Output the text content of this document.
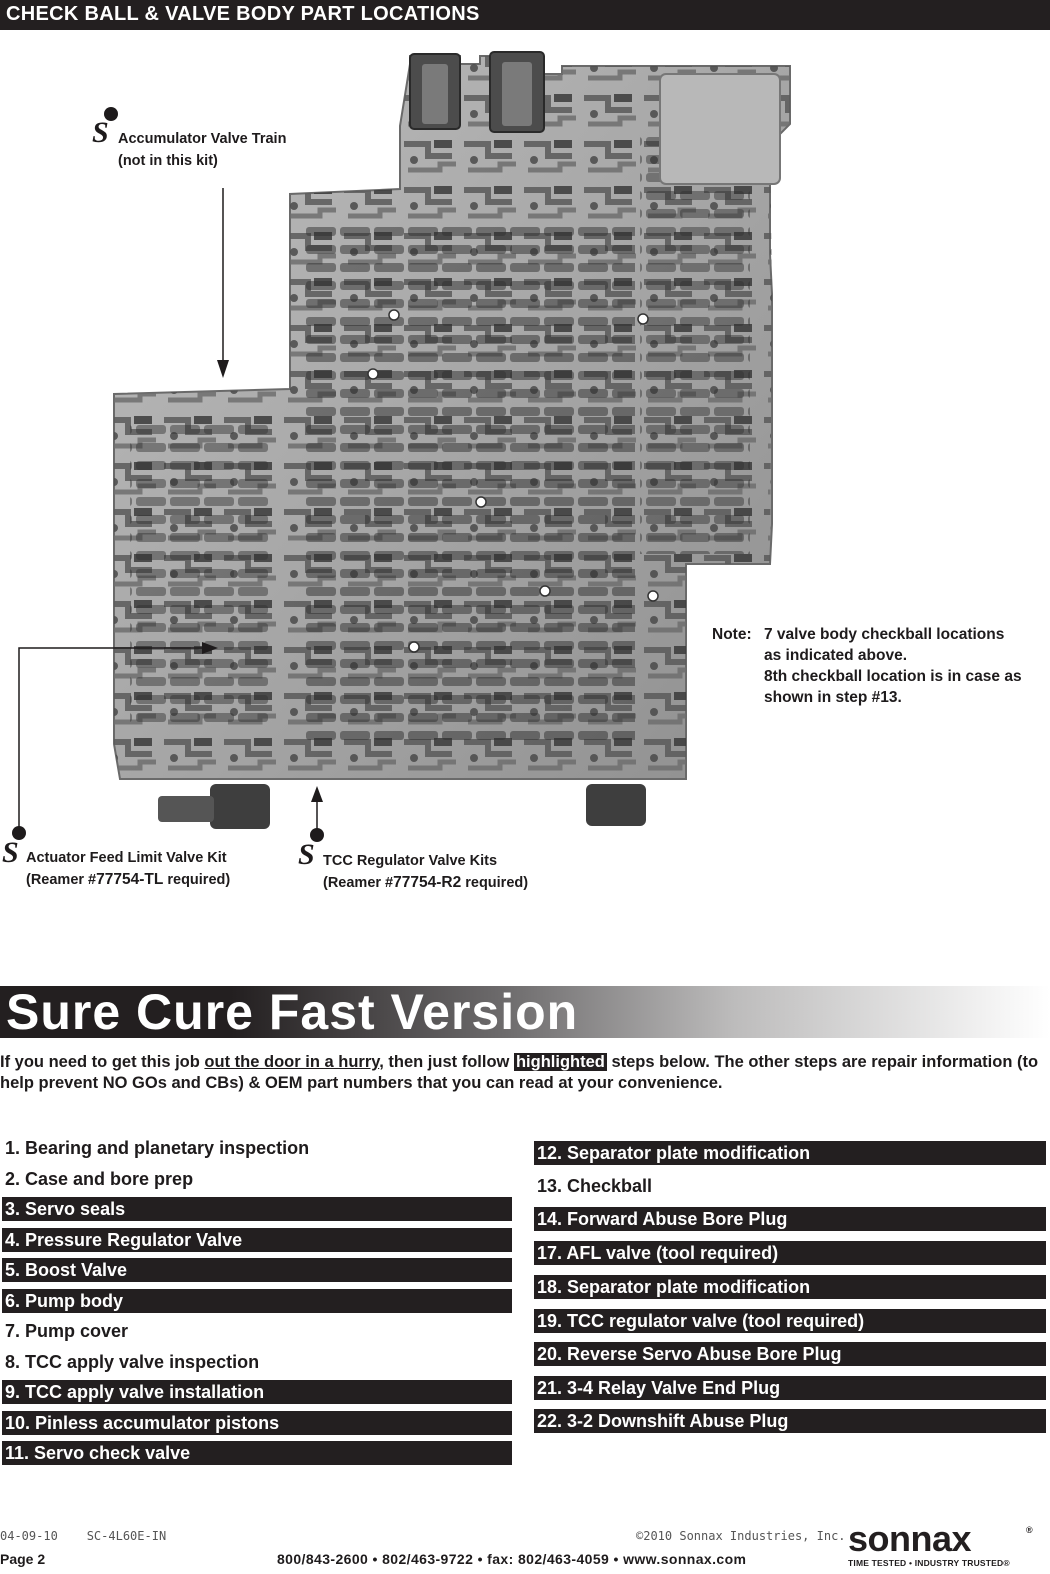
CHECK BALL & VALVE BODY PART LOCATIONS
S Accumulator Valve Train
(not in this kit)
S Actuator Feed Limit Valve Kit
(Reamer #77754-TL required)
S TCC Regulator Valve Kits
(Reamer #77754-R2 required)
Note: 7 valve body checkball locations
as indicated above.
8th checkball location is in case as
shown in step #13.
Sure Cure Fast Version
If you need to get this job out the door in a hurry, then just follow highlighted steps below. The other steps are repair information (to help prevent NO GOs and CBs) & OEM part numbers that you can read at your convenience.
1. Bearing and planetary inspection
2. Case and bore prep
3. Servo seals
4. Pressure Regulator Valve
5. Boost Valve
6. Pump body
7. Pump cover
8. TCC apply valve inspection
9. TCC apply valve installation
10. Pinless accumulator pistons
11. Servo check valve
12. Separator plate modification
13. Checkball
14. Forward Abuse Bore Plug
17. AFL valve (tool required)
18. Separator plate modification
19. TCC regulator valve (tool required)
20. Reverse Servo Abuse Bore Plug
21. 3-4 Relay Valve End Plug
22. 3-2 Downshift Abuse Plug
04-09-10 SC-4L60E-IN	©2010 Sonnax Industries, Inc.
Page 2	800/843-2600 • 802/463-9722 • fax: 802/463-4059 • www.sonnax.com	sonnax	®
TIME TESTED • INDUSTRY TRUSTED®
